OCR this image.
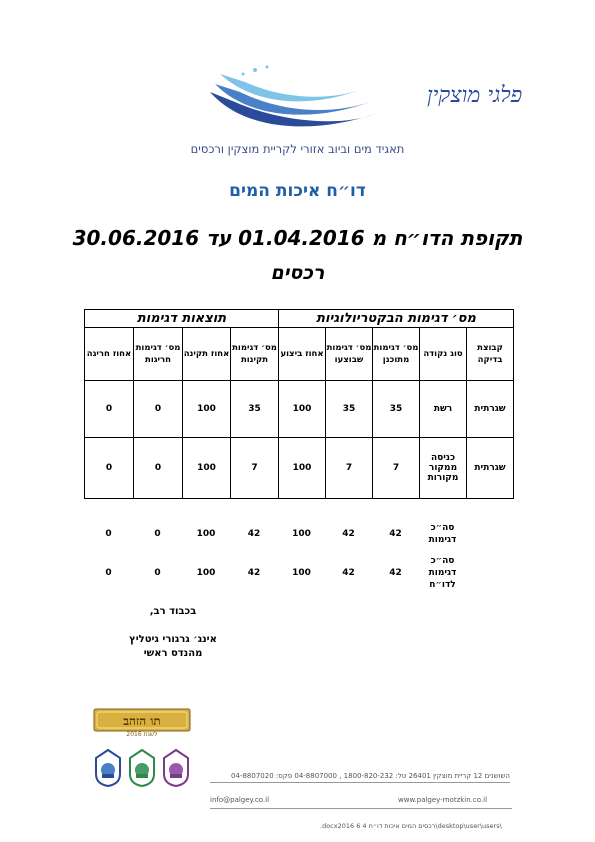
פלגי מוצקין
תאגיד מים וביוב אזורי לקריית מוצקין ורכסים
דו״ח איכות המים
תקופת הדו״ח מ 01.04.2016 עד 30.06.2016
רכסים
מס׳ דגימות הבקטריולוגיות					תוצאות דגימות			
קבוצת בדיקה	סוג נקודה	מס׳ דגימות מתוכנן	מס׳ דגימות שבוצעו	אחוז ביצוע	מס׳ דגימות תקינות	אחוז תקינה	מס׳ דגימות חריגות	אחוז חריגה
שגרתית	רשת	35	35	100	35	100	0	0
שגרתית	כניסה ממקור מקורות	7	7	100	7	100	0	0
	סה״כ דגימות	42	42	100	42	100	0	0
	סה״כ דגימות לדו״ח	42	42	100	42	100	0	0
בכבוד רב,
אינג׳ גרגורי גיטליץ
מהנדס ראשי
תו הזהב
לשנת 2016
השושנים 12 קריית מוצקין 26401 טל: 1800-820-232 , 04-8807000 פקס: 04-8807020
info@palgey.co.il	www.palgey-motzkin.co.il
.docx2016 6 4 רכסים המים איכות דו״ח\desktop\user\users\
